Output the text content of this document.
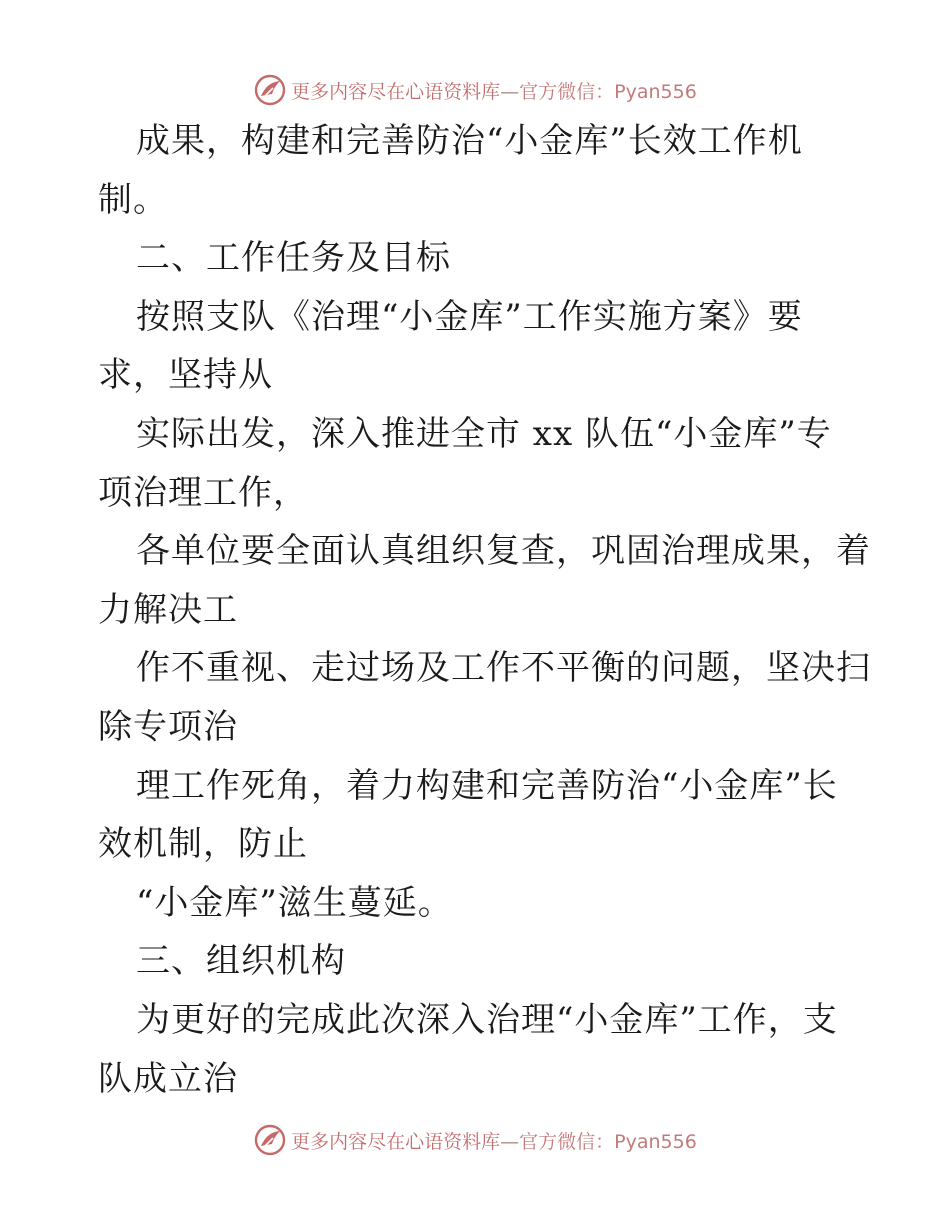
更多内容尽在心语资料库—官方微信：Pyan556
成果，构建和完善防治“小金库”长效工作机
制。
二、工作任务及目标
按照支队《治理“小金库”工作实施方案》要
求，坚持从
实际出发，深入推进全市 xx 队伍“小金库”专
项治理工作，
各单位要全面认真组织复查，巩固治理成果，着
力解决工
作不重视、走过场及工作不平衡的问题，坚决扫
除专项治
理工作死角，着力构建和完善防治“小金库”长
效机制，防止
“小金库”滋生蔓延。
三、组织机构
为更好的完成此次深入治理“小金库”工作，支
队成立治
更多内容尽在心语资料库—官方微信：Pyan556
